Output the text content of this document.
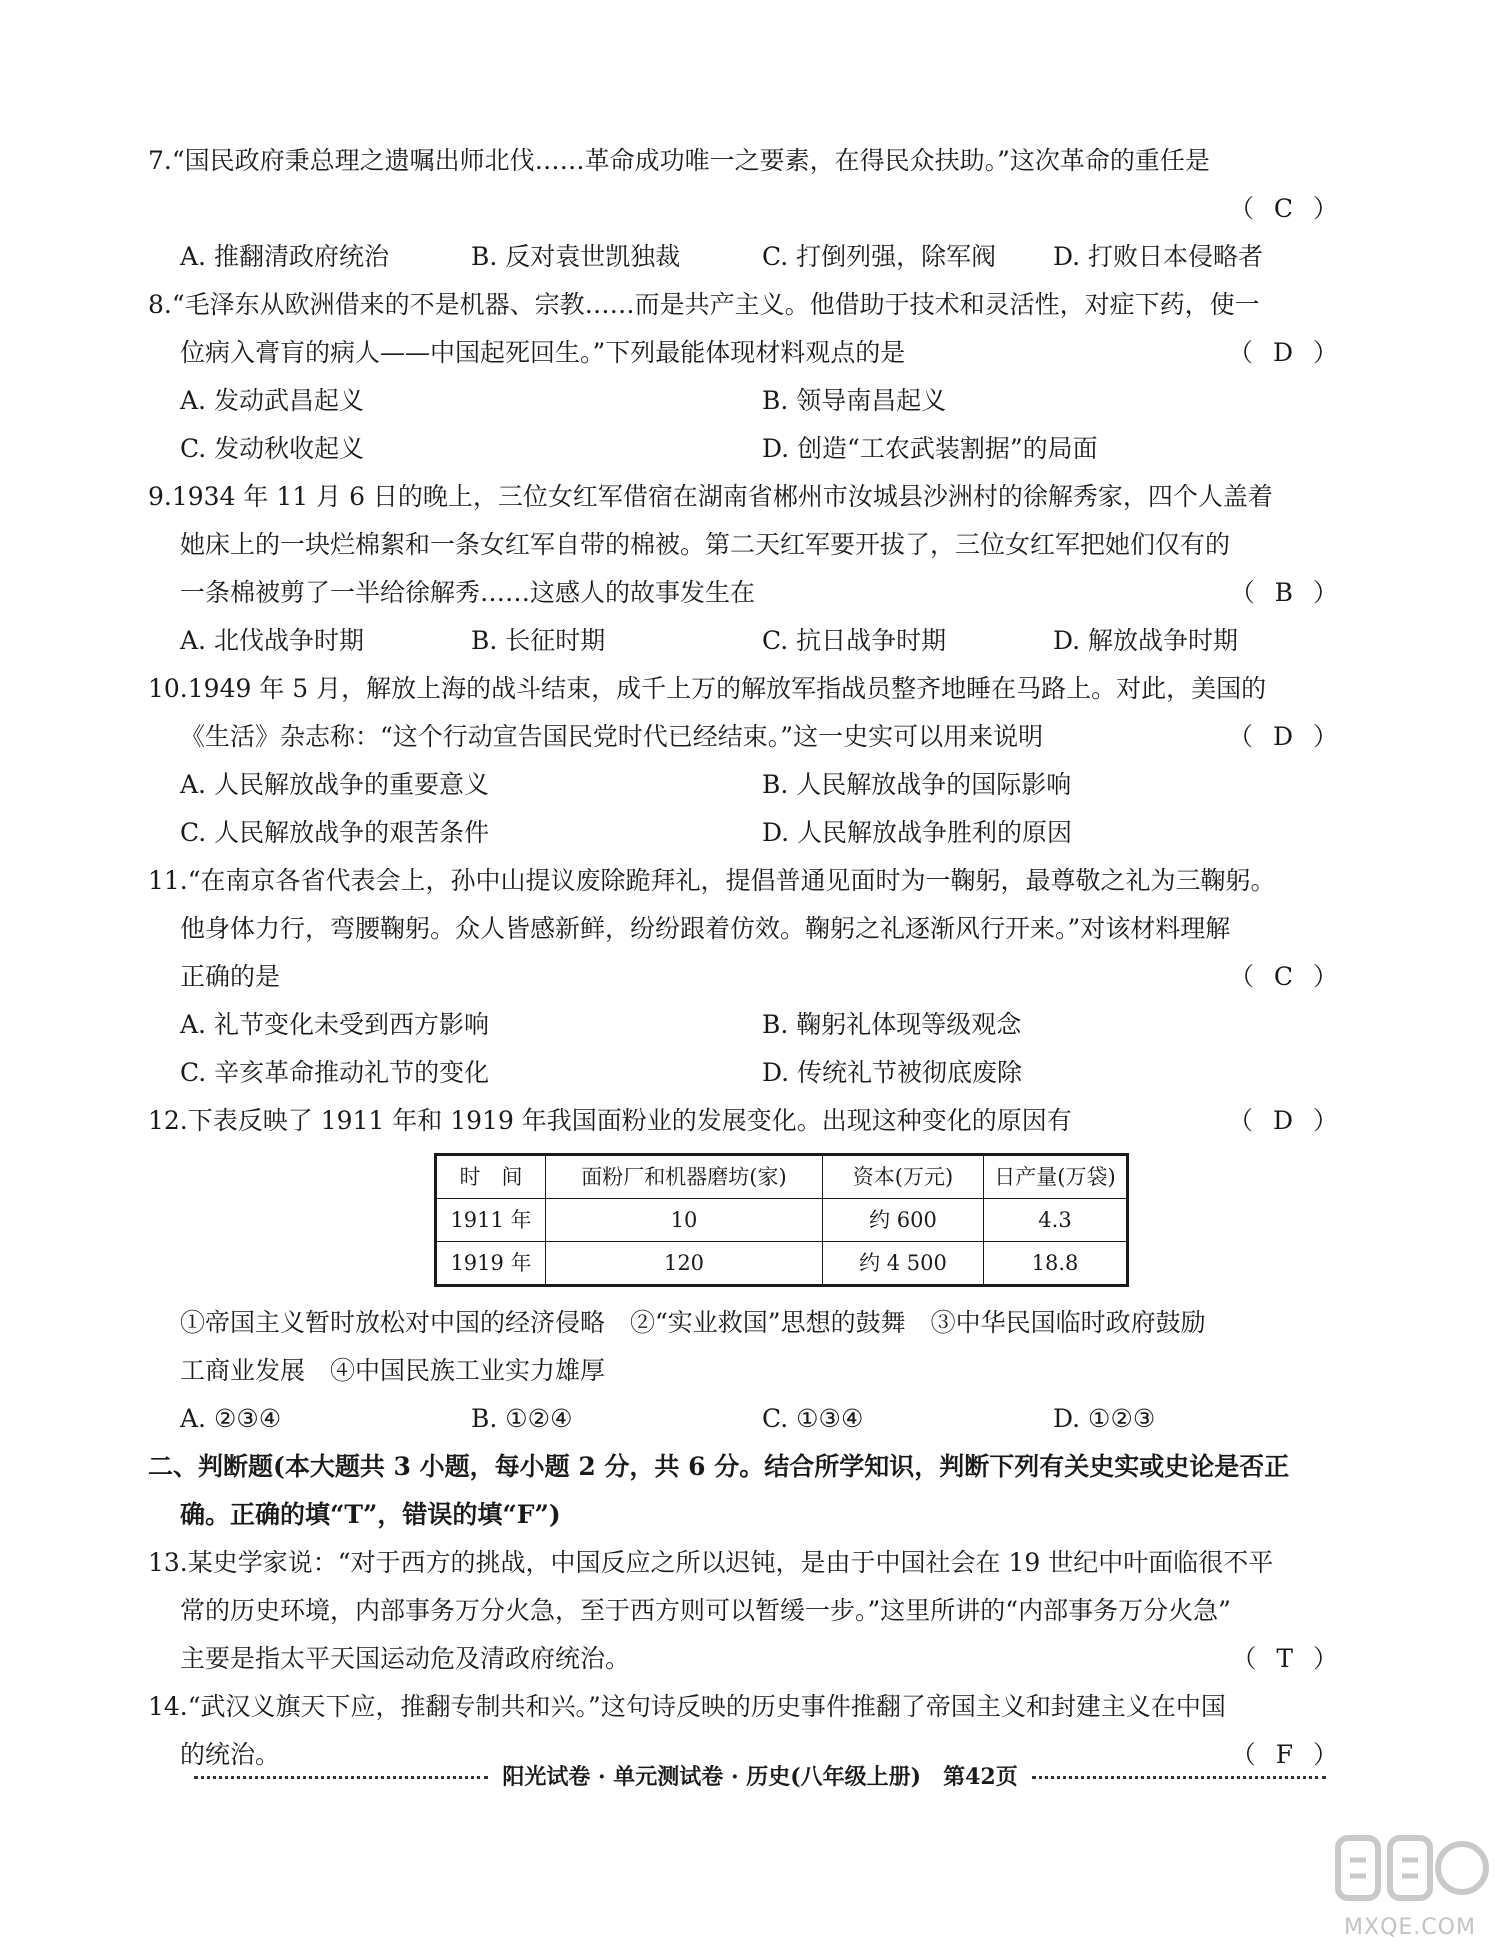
7.“国民政府秉总理之遗嘱出师北伐……革命成功唯一之要素，在得民众扶助。”这次革命的重任是
（ C ）
A. 推翻清政府统治	B. 反对袁世凯独裁	C. 打倒列强，除军阀	D. 打败日本侵略者
8.“毛泽东从欧洲借来的不是机器、宗教……而是共产主义。他借助于技术和灵活性，对症下药，使一
位病入膏肓的病人——中国起死回生。”下列最能体现材料观点的是	（ D ）
A. 发动武昌起义	B. 领导南昌起义
C. 发动秋收起义	D. 创造“工农武装割据”的局面
9.1934 年 11 月 6 日的晚上，三位女红军借宿在湖南省郴州市汝城县沙洲村的徐解秀家，四个人盖着
她床上的一块烂棉絮和一条女红军自带的棉被。第二天红军要开拔了，三位女红军把她们仅有的
一条棉被剪了一半给徐解秀……这感人的故事发生在	（ B ）
A. 北伐战争时期	B. 长征时期	C. 抗日战争时期	D. 解放战争时期
10.1949 年 5 月，解放上海的战斗结束，成千上万的解放军指战员整齐地睡在马路上。对此，美国的
《生活》杂志称：“这个行动宣告国民党时代已经结束。”这一史实可以用来说明	（ D ）
A. 人民解放战争的重要意义	B. 人民解放战争的国际影响
C. 人民解放战争的艰苦条件	D. 人民解放战争胜利的原因
11.“在南京各省代表会上，孙中山提议废除跪拜礼，提倡普通见面时为一鞠躬，最尊敬之礼为三鞠躬。
他身体力行，弯腰鞠躬。众人皆感新鲜，纷纷跟着仿效。鞠躬之礼逐渐风行开来。”对该材料理解
正确的是	（ C ）
A. 礼节变化未受到西方影响	B. 鞠躬礼体现等级观念
C. 辛亥革命推动礼节的变化	D. 传统礼节被彻底废除
12.下表反映了 1911 年和 1919 年我国面粉业的发展变化。出现这种变化的原因有	（ D ）
时　间	面粉厂和机器磨坊(家)	资本(万元)	日产量(万袋)
1911 年	10	约 600	4.3
1919 年	120	约 4 500	18.8
①帝国主义暂时放松对中国的经济侵略　②“实业救国”思想的鼓舞　③中华民国临时政府鼓励
工商业发展　④中国民族工业实力雄厚
A. ②③④	B. ①②④	C. ①③④	D. ①②③
二、判断题(本大题共 3 小题，每小题 2 分，共 6 分。结合所学知识，判断下列有关史实或史论是否正
确。正确的填“T”，错误的填“F”)
13.某史学家说：“对于西方的挑战，中国反应之所以迟钝，是由于中国社会在 19 世纪中叶面临很不平
常的历史环境，内部事务万分火急，至于西方则可以暂缓一步。”这里所讲的“内部事务万分火急”
主要是指太平天国运动危及清政府统治。	（ T ）
14.“武汉义旗天下应，推翻专制共和兴。”这句诗反映的历史事件推翻了帝国主义和封建主义在中国
的统治。	（ F ）
阳光试卷 · 单元测试卷 · 历史(八年级上册)　第42页
MXQE.COM
